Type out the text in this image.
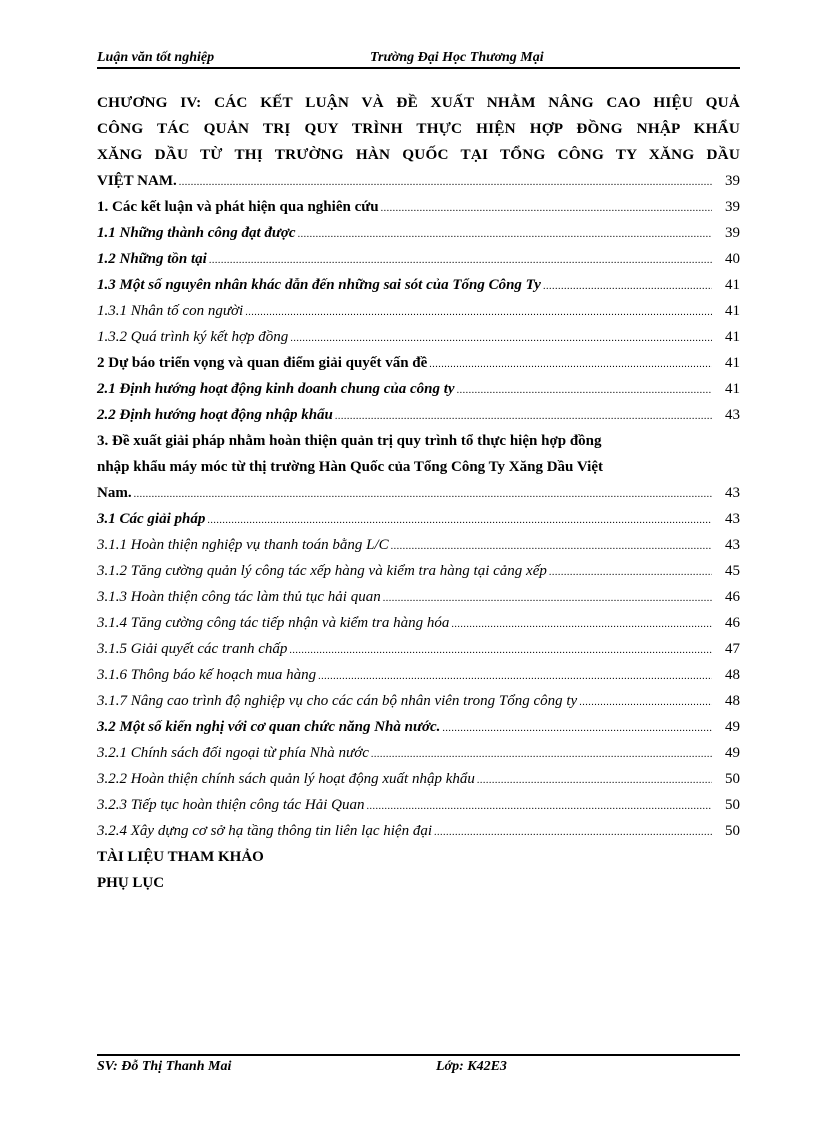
Luận văn tốt nghiệp	Trường Đại Học Thương Mại
CHƯƠNG IV: CÁC KẾT LUẬN VÀ ĐỀ XUẤT NHẰM NÂNG CAO HIỆU QUẢ
CÔNG TÁC QUẢN TRỊ QUY TRÌNH THỰC HIỆN HỢP ĐỒNG NHẬP KHẨU
XĂNG DẦU TỪ THỊ TRƯỜNG HÀN QUỐC TẠI TỔNG CÔNG TY XĂNG DẦU
VIỆT NAM. .....	39
1. Các kết luận và phát hiện qua nghiên cứu .....	39
1.1 Những thành công đạt được .....	39
1.2 Những tồn tại .....	40
1.3 Một số nguyên nhân khác dẫn đến những sai sót của Tổng Công Ty .....	41
1.3.1 Nhân tố con người .....	41
1.3.2 Quá trình ký kết hợp đồng .....	41
2 Dự báo triển vọng và quan điểm giải quyết vấn đề .....	41
2.1 Định hướng hoạt động kinh doanh chung của công ty .....	41
2.2 Định hướng hoạt động nhập khẩu .....	43
3. Đề xuất giải pháp nhằm hoàn thiện quản trị quy trình tổ thực hiện hợp đồng
nhập khẩu máy móc từ thị trường Hàn Quốc của Tổng Công Ty Xăng Dầu Việt
Nam. .....	43
3.1 Các giải pháp .....	43
3.1.1 Hoàn thiện nghiệp vụ thanh toán bằng L/C .....	43
3.1.2 Tăng cường quản lý công tác xếp hàng và kiểm tra hàng tại cảng xếp .....	45
3.1.3 Hoàn thiện công tác làm thủ tục hải quan .....	46
3.1.4 Tăng cường công tác tiếp nhận và kiểm tra hàng hóa .....	46
3.1.5 Giải quyết các tranh chấp .....	47
3.1.6 Thông báo kế hoạch mua hàng .....	48
3.1.7 Nâng cao trình độ nghiệp vụ cho các cán bộ nhân viên trong Tổng công ty .....	48
3.2 Một số kiến nghị với cơ quan chức năng Nhà nước. .....	49
3.2.1 Chính sách đối ngoại từ phía Nhà nước .....	49
3.2.2 Hoàn thiện chính sách quản lý hoạt động xuất nhập khẩu .....	50
3.2.3 Tiếp tục hoàn thiện công tác Hải Quan .....	50
3.2.4 Xây dựng cơ sở hạ tầng thông tin liên lạc hiện đại .....	50
TÀI LIỆU THAM KHẢO
PHỤ LỤC
SV: Đỗ Thị Thanh Mai	Lớp: K42E3
